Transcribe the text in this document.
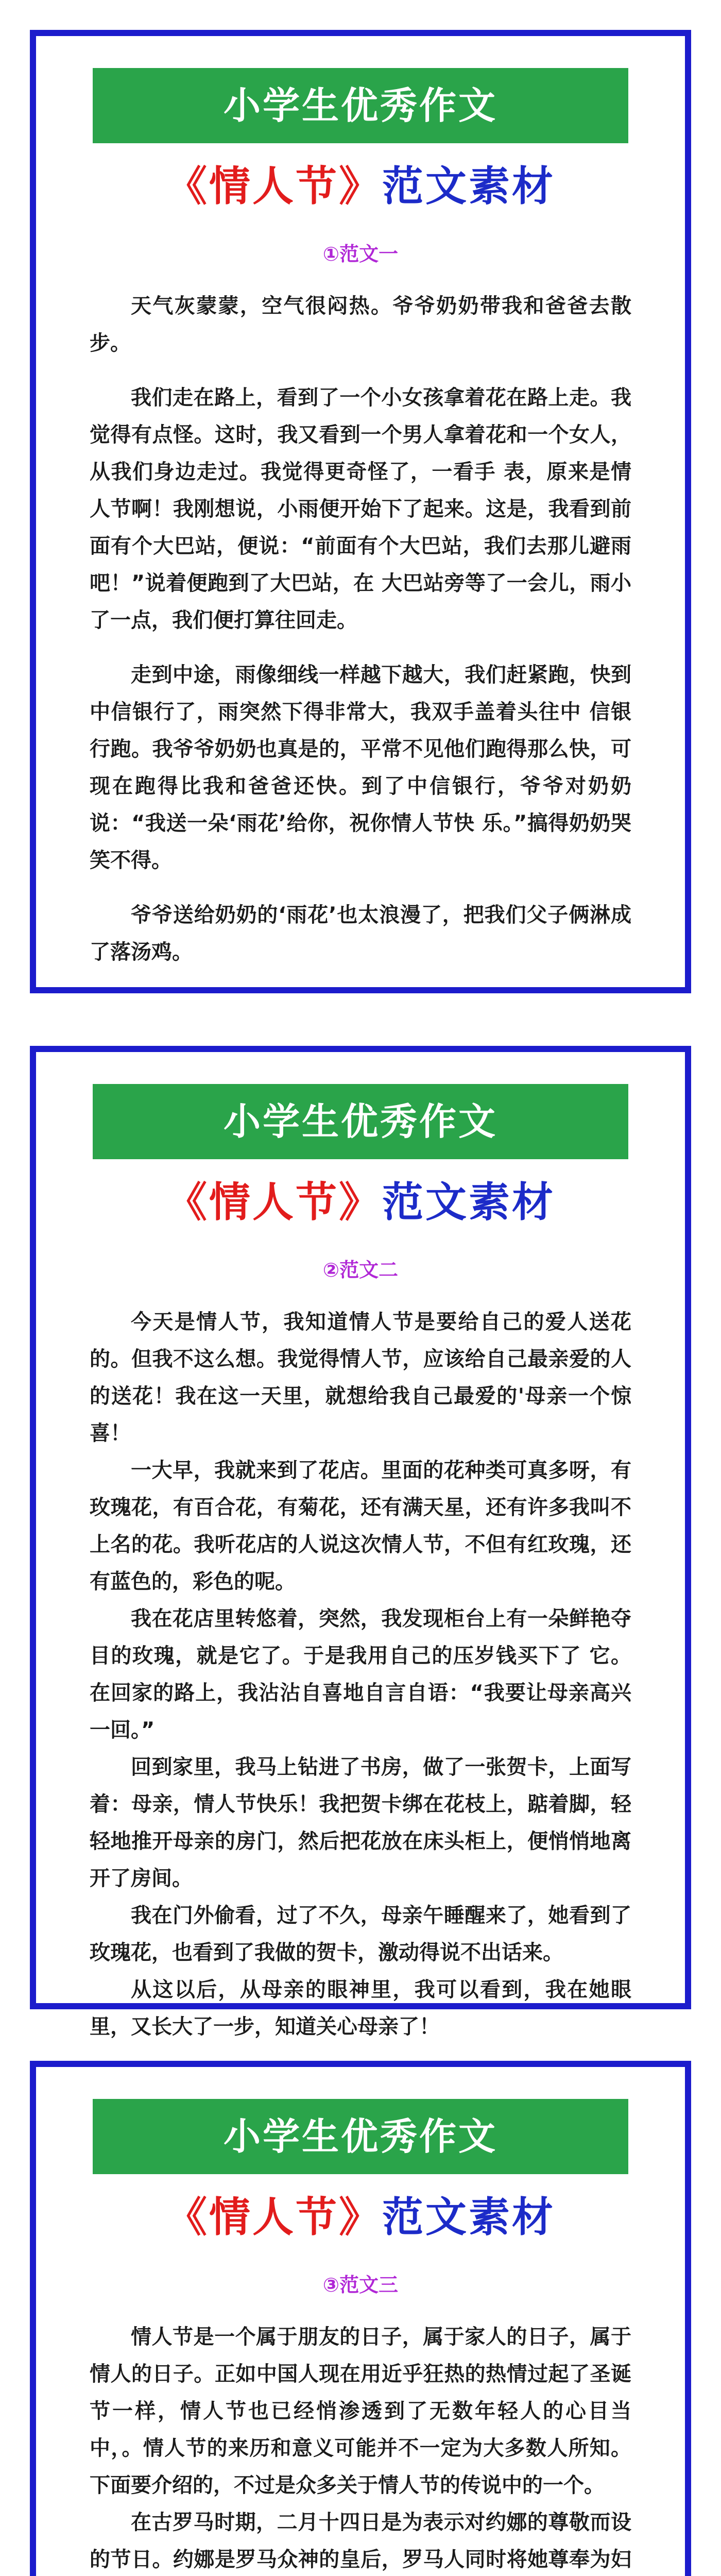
小学生优秀作文
《情人节》范文素材
①范文一

天气灰蒙蒙，空气很闷热。爷爷奶奶带我和爸爸去散步。

我们走在路上，看到了一个小女孩拿着花在路上走。我觉得有点怪。这时，我又看到一个男人拿着花和一个女人，从我们身边走过。我觉得更奇怪了，一看手 表，原来是情人节啊！我刚想说，小雨便开始下了起来。这是，我看到前面有个大巴站，便说：“前面有个大巴站，我们去那儿避雨吧！”说着便跑到了大巴站，在 大巴站旁等了一会儿，雨小了一点，我们便打算往回走。

走到中途，雨像细线一样越下越大，我们赶紧跑，快到中信银行了，雨突然下得非常大，我双手盖着头往中 信银行跑。我爷爷奶奶也真是的，平常不见他们跑得那么快，可现在跑得比我和爸爸还快。到了中信银行，爷爷对奶奶说：“我送一朵‘雨花’给你，祝你情人节快 乐。”搞得奶奶哭笑不得。

爷爷送给奶奶的‘雨花’也太浪漫了，把我们父子俩淋成了落汤鸡。

小学生优秀作文
《情人节》范文素材
②范文二

今天是情人节，我知道情人节是要给自己的爱人送花的。但我不这么想。我觉得情人节，应该给自己最亲爱的人的送花！我在这一天里，就想给我自己最爱的'母亲一个惊喜！

一大早，我就来到了花店。里面的花种类可真多呀，有玫瑰花，有百合花，有菊花，还有满天星，还有许多我叫不上名的花。我听花店的人说这次情人节，不但有红玫瑰，还有蓝色的，彩色的呢。

我在花店里转悠着，突然，我发现柜台上有一朵鲜艳夺目的玫瑰，就是它了。于是我用自己的压岁钱买下了 它。在回家的路上，我沾沾自喜地自言自语：“我要让母亲高兴一回。”

回到家里，我马上钻进了书房，做了一张贺卡，上面写着：母亲，情人节快乐！我把贺卡绑在花枝上，踮着脚，轻轻地推开母亲的房门，然后把花放在床头柜上，便悄悄地离开了房间。

我在门外偷看，过了不久，母亲午睡醒来了，她看到了玫瑰花，也看到了我做的贺卡，激动得说不出话来。

从这以后，从母亲的眼神里，我可以看到，我在她眼里，又长大了一步，知道关心母亲了！

小学生优秀作文
《情人节》范文素材
③范文三

情人节是一个属于朋友的日子，属于家人的日子，属于情人的日子。正如中国人现在用近乎狂热的热情过起了圣诞节一样，情人节也已经悄渗透到了无数年轻人的心目当中，。情人节的来历和意义可能并不一定为大多数人所知。下面要介绍的，不过是众多关于情人节的传说中的一个。

在古罗马时期，二月十四日是为表示对约娜的尊敬而设的节日。约娜是罗马众神的皇后，罗马人同时将她尊奉为妇
